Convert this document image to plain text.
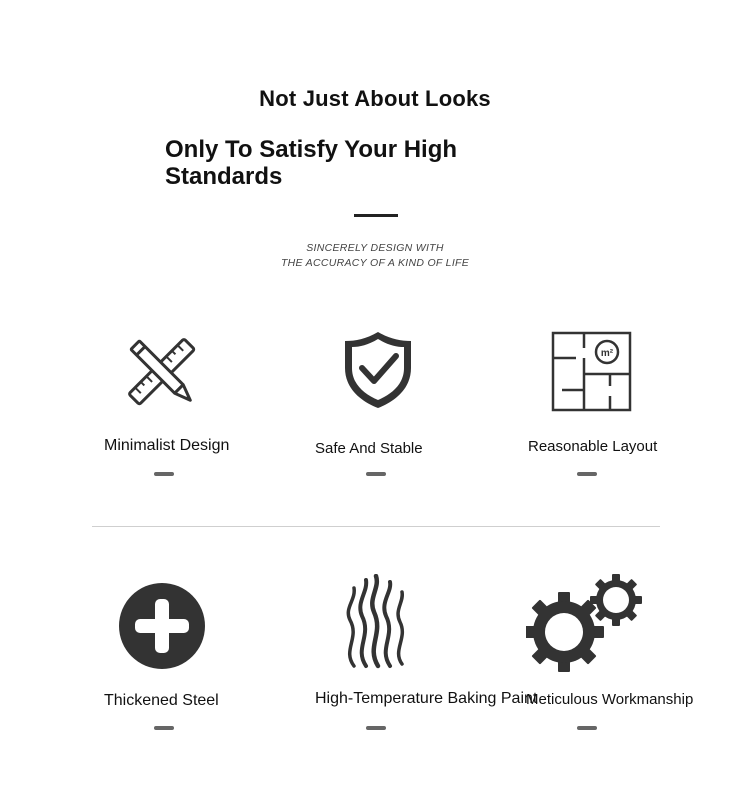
Not Just About Looks
Only To Satisfy Your High
Standards
SINCERELY DESIGN WITH
THE ACCURACY OF A KIND OF LIFE
m²
Minimalist Design	Safe And Stable	Reasonable Layout
Thickened Steel	High-Temperature Baking Paint
Meticulous Workmanship
